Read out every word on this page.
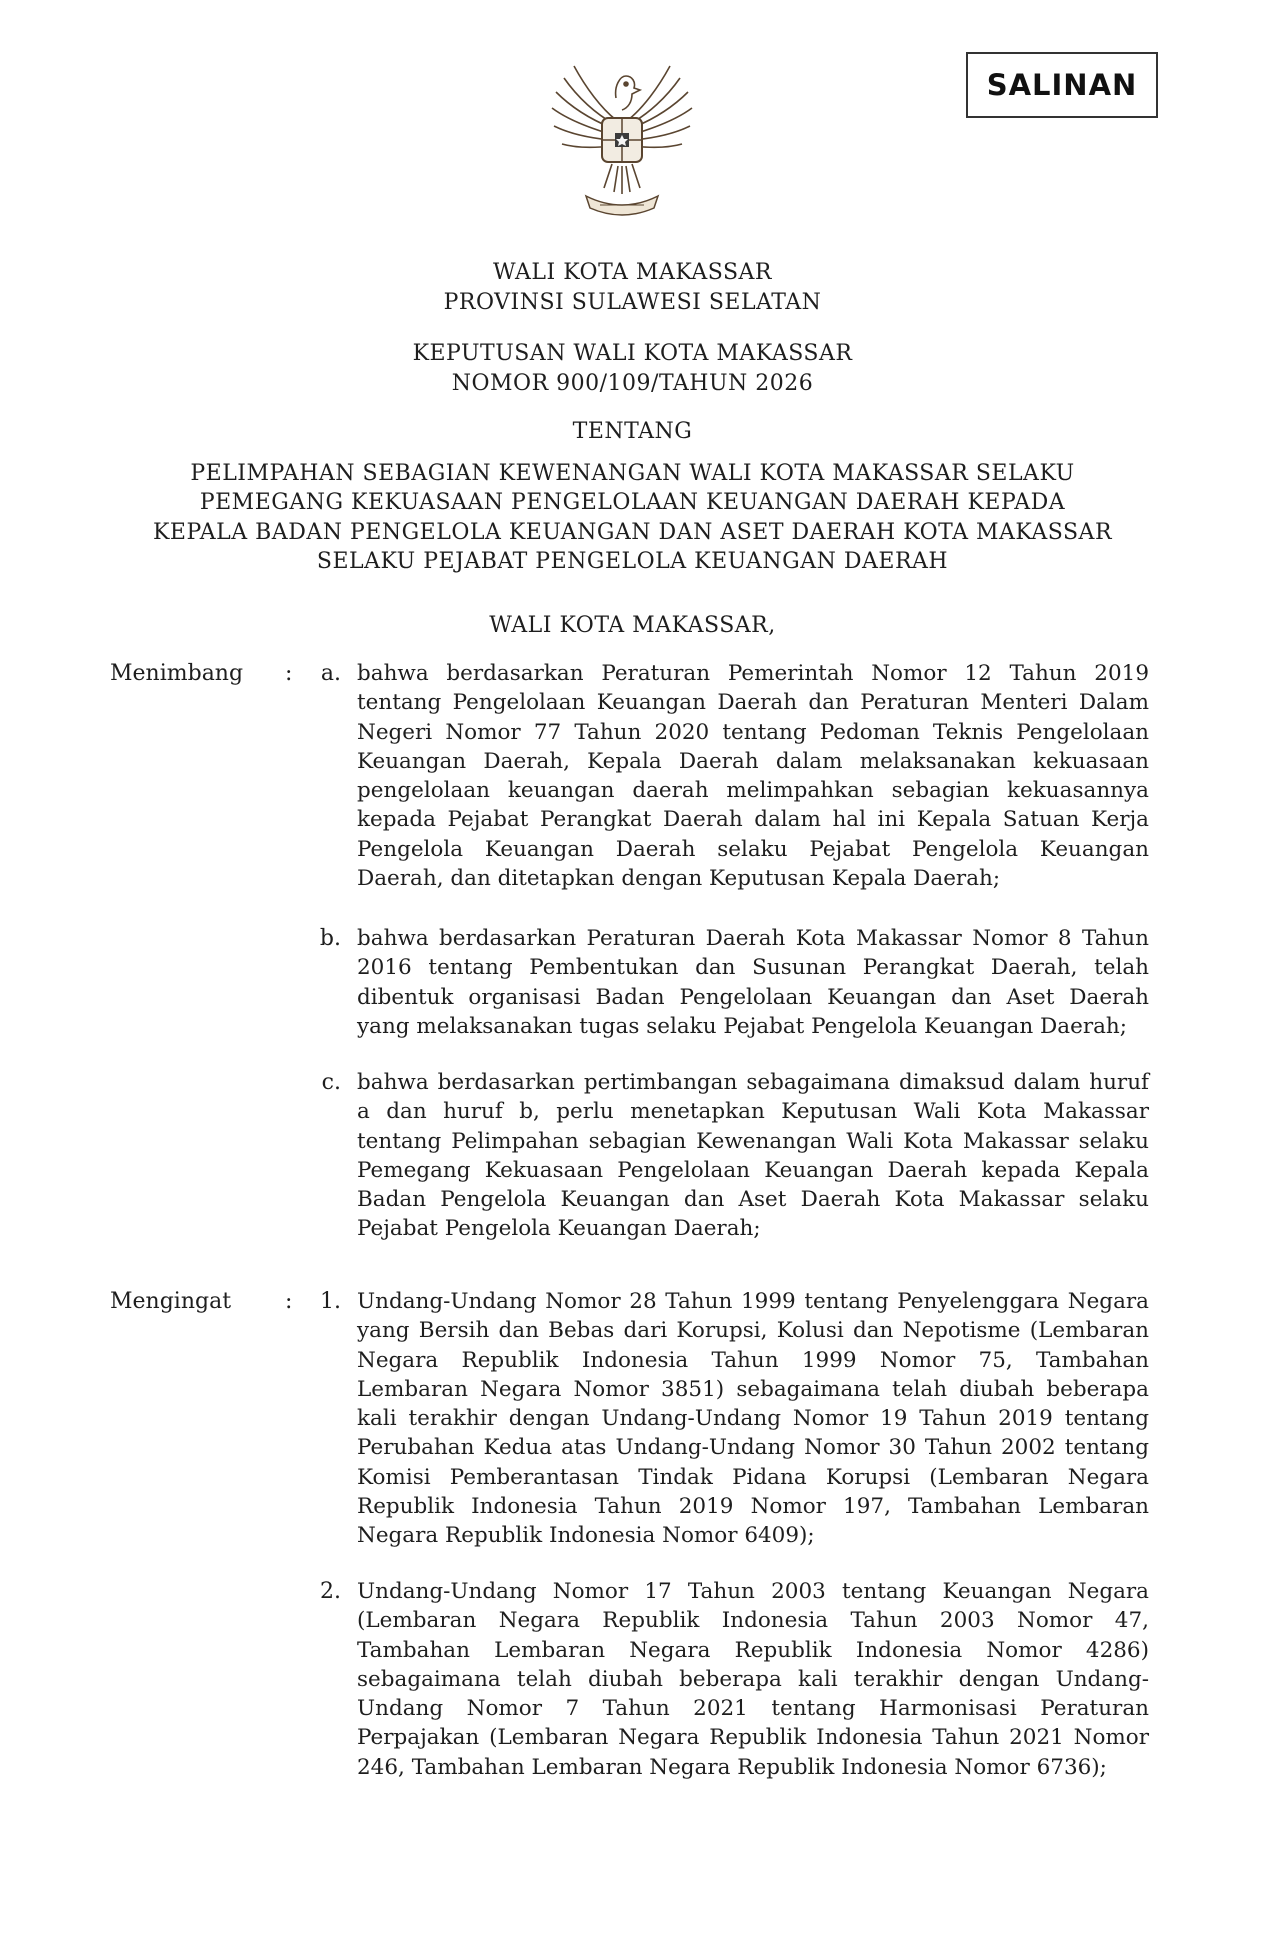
SALINAN
WALI KOTA MAKASSAR
PROVINSI SULAWESI SELATAN
KEPUTUSAN WALI KOTA MAKASSAR
NOMOR 900/109/TAHUN 2026
TENTANG
PELIMPAHAN SEBAGIAN KEWENANGAN WALI KOTA MAKASSAR SELAKU
PEMEGANG KEKUASAAN PENGELOLAAN KEUANGAN DAERAH KEPADA
KEPALA BADAN PENGELOLA KEUANGAN DAN ASET DAERAH KOTA MAKASSAR
SELAKU PEJABAT PENGELOLA KEUANGAN DAERAH
WALI KOTA MAKASSAR,
Menimbang :	a. bahwa berdasarkan Peraturan Pemerintah Nomor 12 Tahun 2019 tentang Pengelolaan Keuangan Daerah dan Peraturan Menteri Dalam Negeri Nomor 77 Tahun 2020 tentang Pedoman Teknis Pengelolaan Keuangan Daerah, Kepala Daerah dalam melaksanakan kekuasaan pengelolaan keuangan daerah melimpahkan sebagian kekuasannya kepada Pejabat Perangkat Daerah dalam hal ini Kepala Satuan Kerja Pengelola Keuangan Daerah selaku Pejabat Pengelola Keuangan Daerah, dan ditetapkan dengan Keputusan Kepala Daerah;
b. bahwa berdasarkan Peraturan Daerah Kota Makassar Nomor 8 Tahun 2016 tentang Pembentukan dan Susunan Perangkat Daerah, telah dibentuk organisasi Badan Pengelolaan Keuangan dan Aset Daerah yang melaksanakan tugas selaku Pejabat Pengelola Keuangan Daerah;
c. bahwa berdasarkan pertimbangan sebagaimana dimaksud dalam huruf a dan huruf b, perlu menetapkan Keputusan Wali Kota Makassar tentang Pelimpahan sebagian Kewenangan Wali Kota Makassar selaku Pemegang Kekuasaan Pengelolaan Keuangan Daerah kepada Kepala Badan Pengelola Keuangan dan Aset Daerah Kota Makassar selaku Pejabat Pengelola Keuangan Daerah;
Mengingat :	1. Undang-Undang Nomor 28 Tahun 1999 tentang Penyelenggara Negara yang Bersih dan Bebas dari Korupsi, Kolusi dan Nepotisme (Lembaran Negara Republik Indonesia Tahun 1999 Nomor 75, Tambahan Lembaran Negara Nomor 3851) sebagaimana telah diubah beberapa kali terakhir dengan Undang-Undang Nomor 19 Tahun 2019 tentang Perubahan Kedua atas Undang-Undang Nomor 30 Tahun 2002 tentang Komisi Pemberantasan Tindak Pidana Korupsi (Lembaran Negara Republik Indonesia Tahun 2019 Nomor 197, Tambahan Lembaran Negara Republik Indonesia Nomor 6409);
2. Undang-Undang Nomor 17 Tahun 2003 tentang Keuangan Negara (Lembaran Negara Republik Indonesia Tahun 2003 Nomor 47, Tambahan Lembaran Negara Republik Indonesia Nomor 4286) sebagaimana telah diubah beberapa kali terakhir dengan Undang-Undang Nomor 7 Tahun 2021 tentang Harmonisasi Peraturan Perpajakan (Lembaran Negara Republik Indonesia Tahun 2021 Nomor 246, Tambahan Lembaran Negara Republik Indonesia Nomor 6736);
